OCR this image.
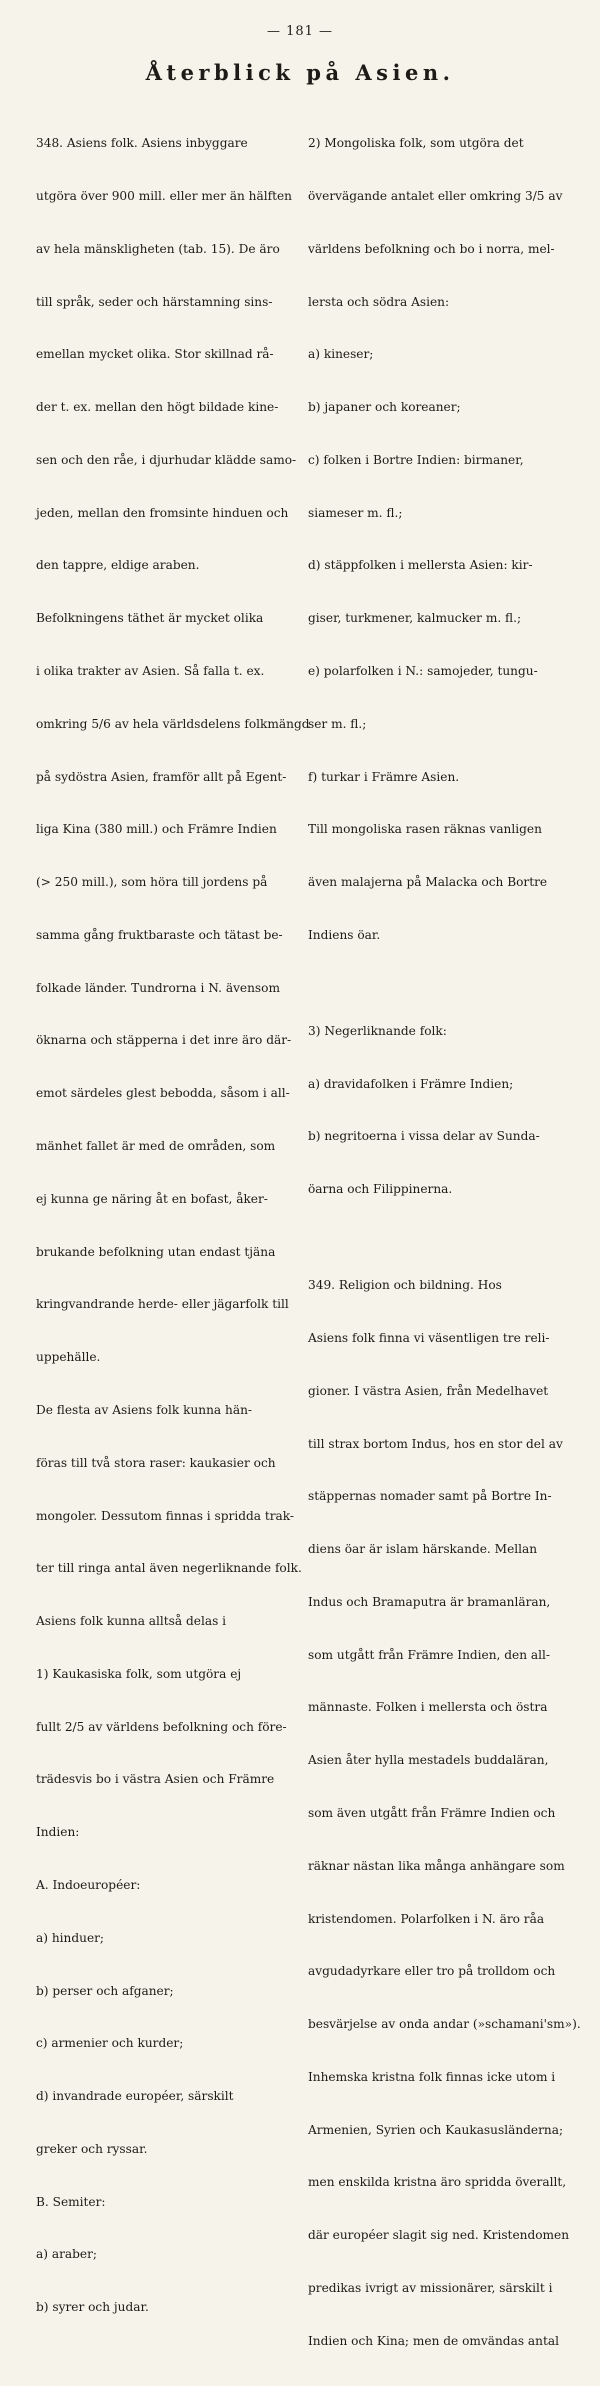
— 181 —
Återblick på Asien.

348. Asiens folk. Asiens inbyggare

utgöra över 900 mill. eller mer än hälften

av hela mänskligheten (tab. 15). De äro

till språk, seder och härstamning sins-

emellan mycket olika. Stor skillnad rå-

der t. ex. mellan den högt bildade kine-

sen och den råe, i djurhudar klädde samo-

jeden, mellan den fromsinte hinduen och

den tappre, eldige araben.

Befolkningens täthet är mycket olika

i olika trakter av Asien. Så falla t. ex.

omkring 5/6 av hela världsdelens folkmängd

på sydöstra Asien, framför allt på Egent-

liga Kina (380 mill.) och Främre Indien

(> 250 mill.), som höra till jordens på

samma gång fruktbaraste och tätast be-

folkade länder. Tundrorna i N. ävensom

öknarna och stäpperna i det inre äro där-

emot särdeles glest bebodda, såsom i all-

mänhet fallet är med de områden, som

ej kunna ge näring åt en bofast, åker-

brukande befolkning utan endast tjäna

kringvandrande herde- eller jägarfolk till

uppehälle.

De flesta av Asiens folk kunna hän-

föras till två stora raser: kaukasier och

mongoler. Dessutom finnas i spridda trak-

ter till ringa antal även negerliknande folk.

Asiens folk kunna alltså delas i

1) Kaukasiska folk, som utgöra ej

fullt 2/5 av världens befolkning och före-

trädesvis bo i västra Asien och Främre

Indien:

A. Indoeuropéer:

a) hinduer;

b) perser och afganer;

c) armenier och kurder;

d) invandrade européer, särskilt

greker och ryssar.

B. Semiter:

a) araber;

b) syrer och judar.

2) Mongoliska folk, som utgöra det

övervägande antalet eller omkring 3/5 av

världens befolkning och bo i norra, mel-

lersta och södra Asien:

a) kineser;

b) japaner och koreaner;

c) folken i Bortre Indien: birmaner,

siameser m. fl.;

d) stäppfolken i mellersta Asien: kir-

giser, turkmener, kalmucker m. fl.;

e) polarfolken i N.: samojeder, tungu-

ser m. fl.;

f) turkar i Främre Asien.

Till mongoliska rasen räknas vanligen

även malajerna på Malacka och Bortre

Indiens öar.

3) Negerliknande folk:

a) dravidafolken i Främre Indien;

b) negritoerna i vissa delar av Sunda-

öarna och Filippinerna.

349. Religion och bildning. Hos

Asiens folk finna vi väsentligen tre reli-

gioner. I västra Asien, från Medelhavet

till strax bortom Indus, hos en stor del av

stäppernas nomader samt på Bortre In-

diens öar är islam härskande. Mellan

Indus och Bramaputra är bramanläran,

som utgått från Främre Indien, den all-

männaste. Folken i mellersta och östra

Asien åter hylla mestadels buddaläran,

som även utgått från Främre Indien och

räknar nästan lika många anhängare som

kristendomen. Polarfolken i N. äro råa

avgudadyrkare eller tro på trolldom och

besvärjelse av onda andar (»schamani'sm»).

Inhemska kristna folk finnas icke utom i

Armenien, Syrien och Kaukasusländerna;

men enskilda kristna äro spridda överallt,

där européer slagit sig ned. Kristendomen

predikas ivrigt av missionärer, särskilt i

Indien och Kina; men de omvändas antal
